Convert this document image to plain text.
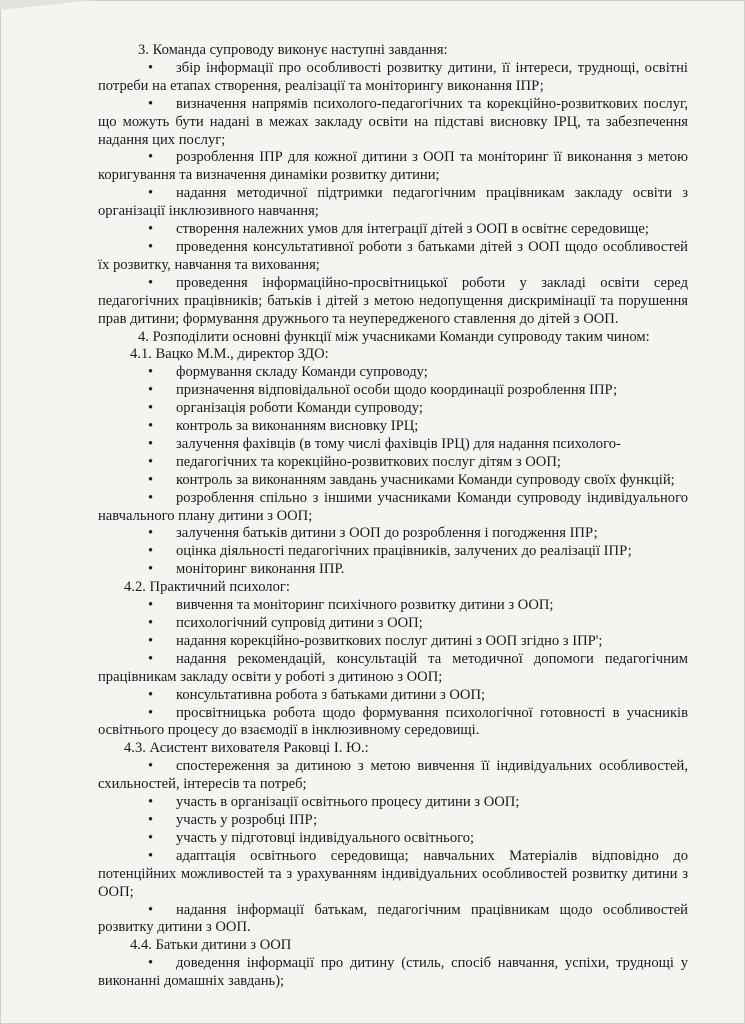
3. Команда супроводу виконує наступні завдання:

• збір інформації про особливості розвитку дитини, її інтереси, труднощі, освітні потреби на етапах створення, реалізації та моніторингу виконання ІПР;

• визначення напрямів психолого-педагогічних та корекційно-розвиткових послуг, що можуть бути надані в межах закладу освіти на підставі висновку ІРЦ, та забезпечення надання цих послуг;

• розроблення ІПР для кожної дитини з ООП та моніторинг її виконання з метою коригування та визначення динаміки розвитку дитини;

• надання методичної підтримки педагогічним працівникам закладу освіти з організації інклюзивного навчання;

• створення належних умов для інтеграції дітей з ООП в освітнє середовище;

• проведення консультативної роботи з батьками дітей з ООП щодо особливостей їх розвитку, навчання та виховання;

• проведення інформаційно-просвітницької роботи у закладі освіти серед педагогічних працівників; батьків і дітей з метою недопущення дискримінації та порушення прав дитини; формування дружнього та неупередженого ставлення до дітей з ООП.

4. Розподілити основні функції між учасниками Команди супроводу таким чином:

4.1. Вацко М.М., директор ЗДО:

• формування складу Команди супроводу;

• призначення відповідальної особи щодо координації розроблення ІПР;

• організація роботи Команди супроводу;

• контроль за виконанням висновку ІРЦ;

• залучення фахівців (в тому числі фахівців ІРЦ) для надання психолого-

• педагогічних та корекційно-розвиткових послуг дітям з ООП;

• контроль за виконанням завдань учасниками Команди супроводу своїх функцій;

• розроблення спільно з іншими учасниками Команди супроводу індивідуального навчального плану дитини з ООП;

• залучення батьків дитини з ООП до розроблення і погодження ІПР;

• оцінка діяльності педагогічних працівників, залучених до реалізації ІПР;

• моніторинг виконання ІПР.

4.2. Практичний психолог:

• вивчення та моніторинг психічного розвитку дитини з ООП;

• психологічний супровід дитини з ООП;

• надання корекційно-розвиткових послуг дитині з ООП згідно з ІПР';

• надання рекомендацій, консультацій та методичної допомоги педагогічним працівникам закладу освіти у роботі з дитиною з ООП;

• консультативна робота з батьками дитини з ООП;

• просвітницька робота щодо формування психологічної готовності в учасників освітнього процесу до взаємодії в інклюзивному середовищі.

4.3. Асистент вихователя Раковці І. Ю.:

• спостереження за дитиною з метою вивчення її індивідуальних особливостей, схильностей, інтересів та потреб;

• участь в організації освітнього процесу дитини з ООП;

• участь у розробці ІПР;

• участь у підготовці індивідуального освітнього;

• адаптація освітнього середовища; навчальних Матеріалів відповідно до потенційних можливостей та з урахуванням індивідуальних особливостей розвитку дитини з ООП;

• надання інформації батькам, педагогічним працівникам щодо особливостей розвитку дитини з ООП.

4.4. Батьки дитини з ООП

• доведення інформації про дитину (стиль, спосіб навчання, успіхи, труднощі у виконанні домашніх завдань);
